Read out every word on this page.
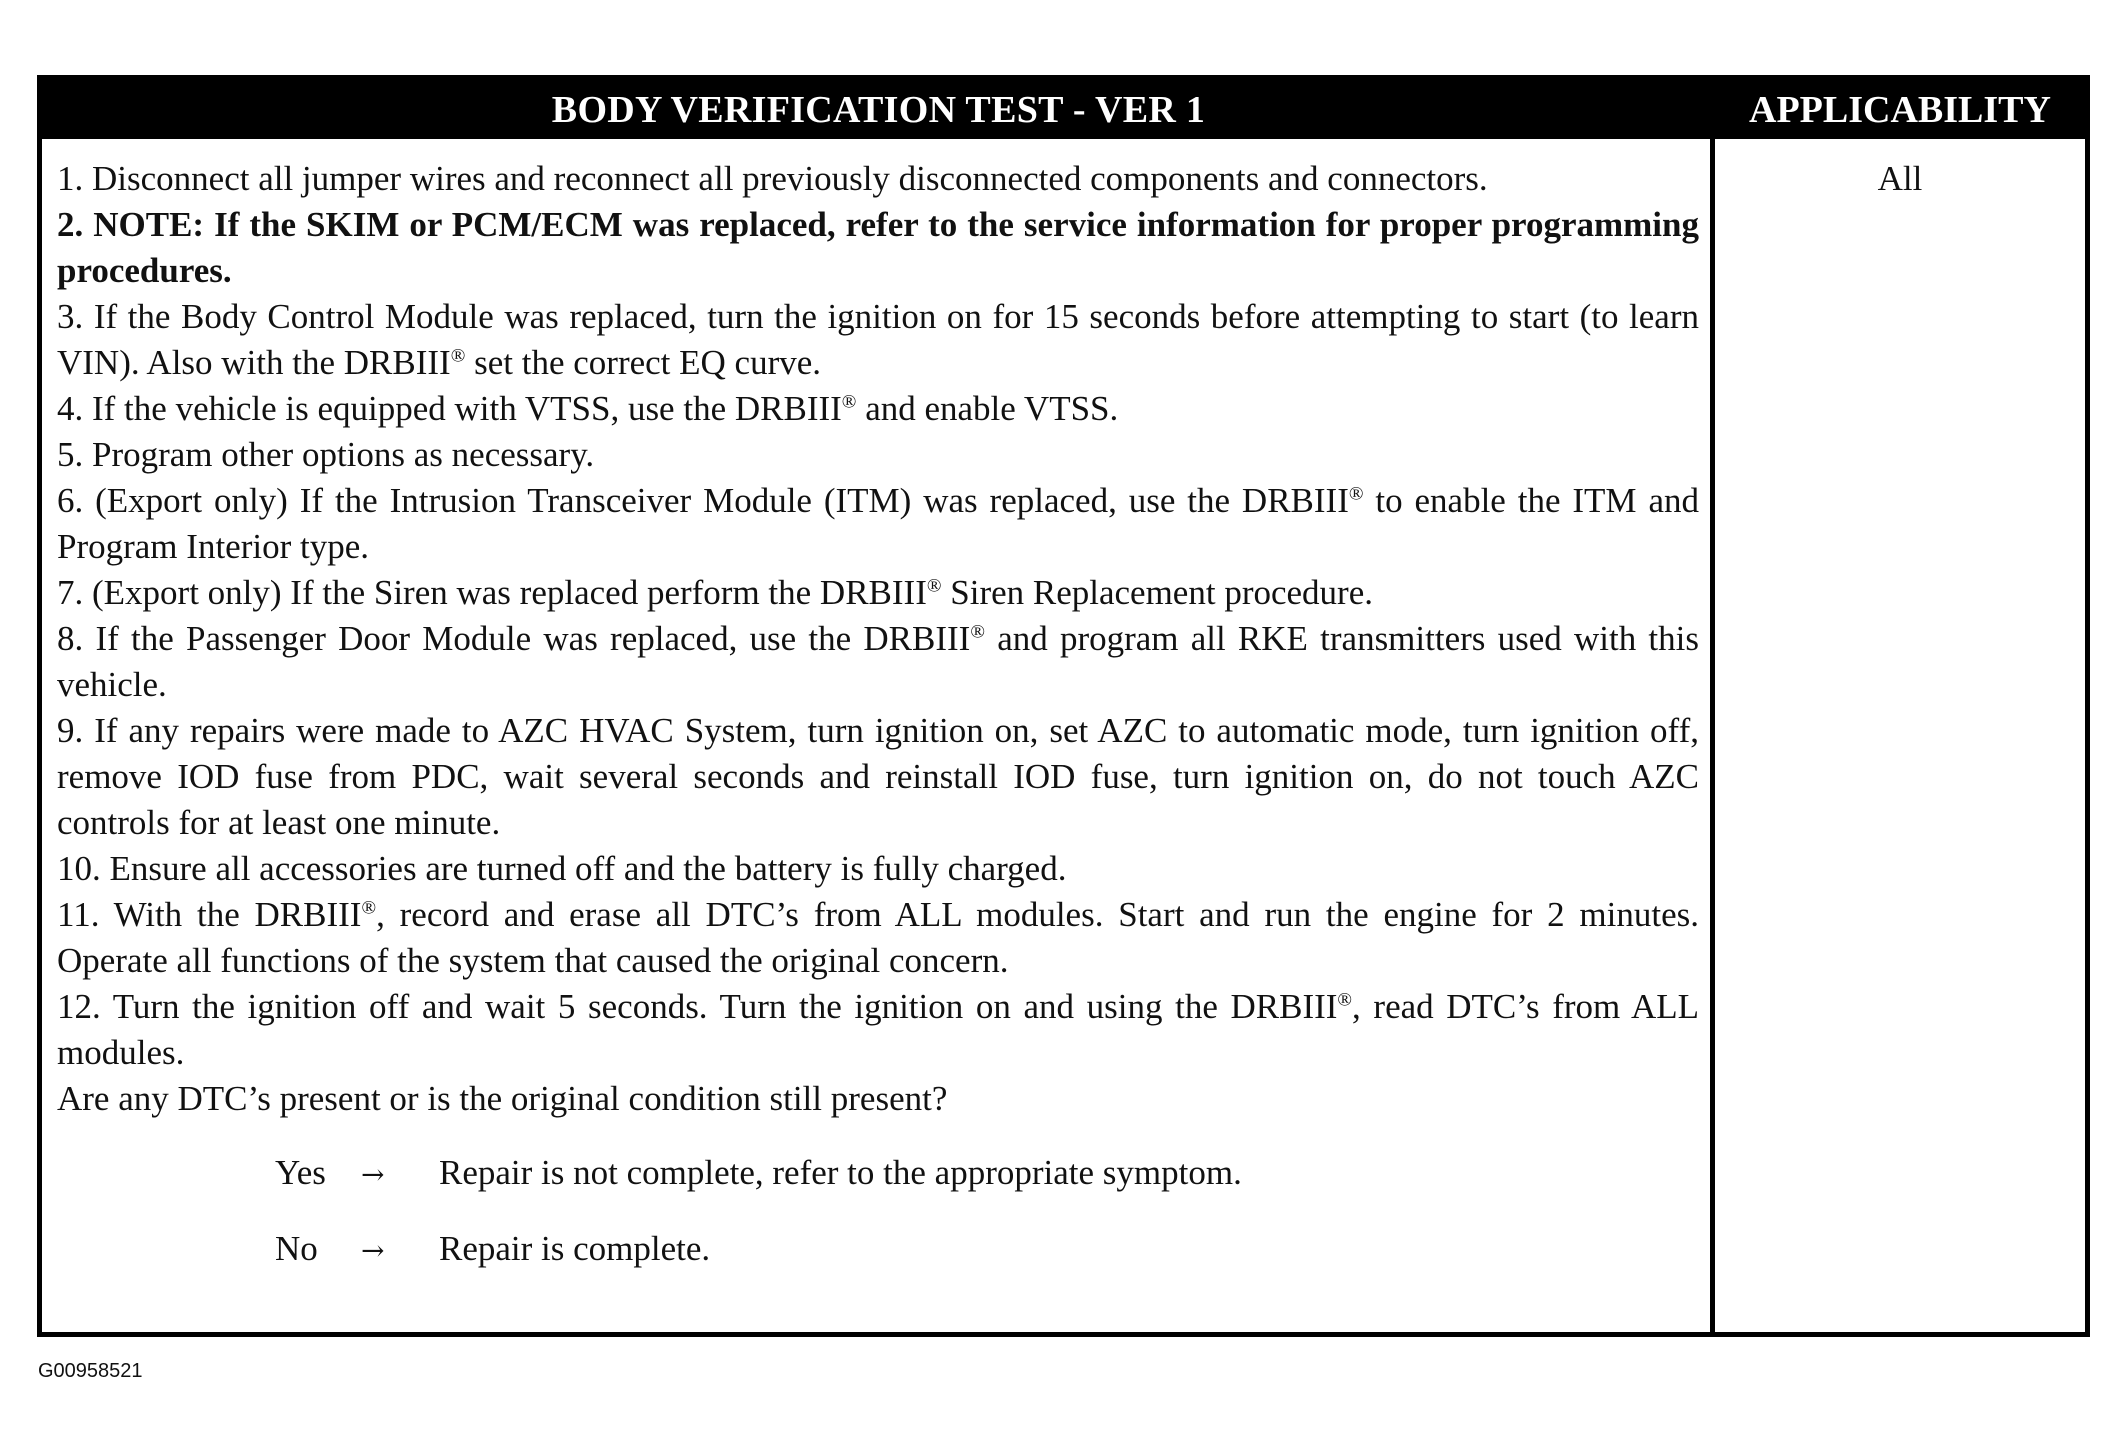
BODY VERIFICATION TEST - VER 1	APPLICABILITY

1. Disconnect all jumper wires and reconnect all previously disconnected components and connectors.

2. NOTE: If the SKIM or PCM/ECM was replaced, refer to the service information for proper programming procedures.

3. If the Body Control Module was replaced, turn the ignition on for 15 seconds before attempting to start (to learn VIN). Also with the DRBIII® set the correct EQ curve.

4. If the vehicle is equipped with VTSS, use the DRBIII® and enable VTSS.

5. Program other options as necessary.

6. (Export only) If the Intrusion Transceiver Module (ITM) was replaced, use the DRBIII® to enable the ITM and Program Interior type.

7. (Export only) If the Siren was replaced perform the DRBIII® Siren Replacement procedure.

8. If the Passenger Door Module was replaced, use the DRBIII® and program all RKE transmitters used with this vehicle.

9. If any repairs were made to AZC HVAC System, turn ignition on, set AZC to automatic mode, turn ignition off, remove IOD fuse from PDC, wait several seconds and reinstall IOD fuse, turn ignition on, do not touch AZC controls for at least one minute.

10. Ensure all accessories are turned off and the battery is fully charged.

11. With the DRBIII®, record and erase all DTC’s from ALL modules. Start and run the engine for 2 minutes. Operate all functions of the system that caused the original concern.

12. Turn the ignition off and wait 5 seconds. Turn the ignition on and using the DRBIII®, read DTC’s from ALL modules.

Are any DTC’s present or is the original condition still present?

Yes	→	Repair is not complete, refer to the appropriate symptom.
No	→	Repair is complete.
All
G00958521
